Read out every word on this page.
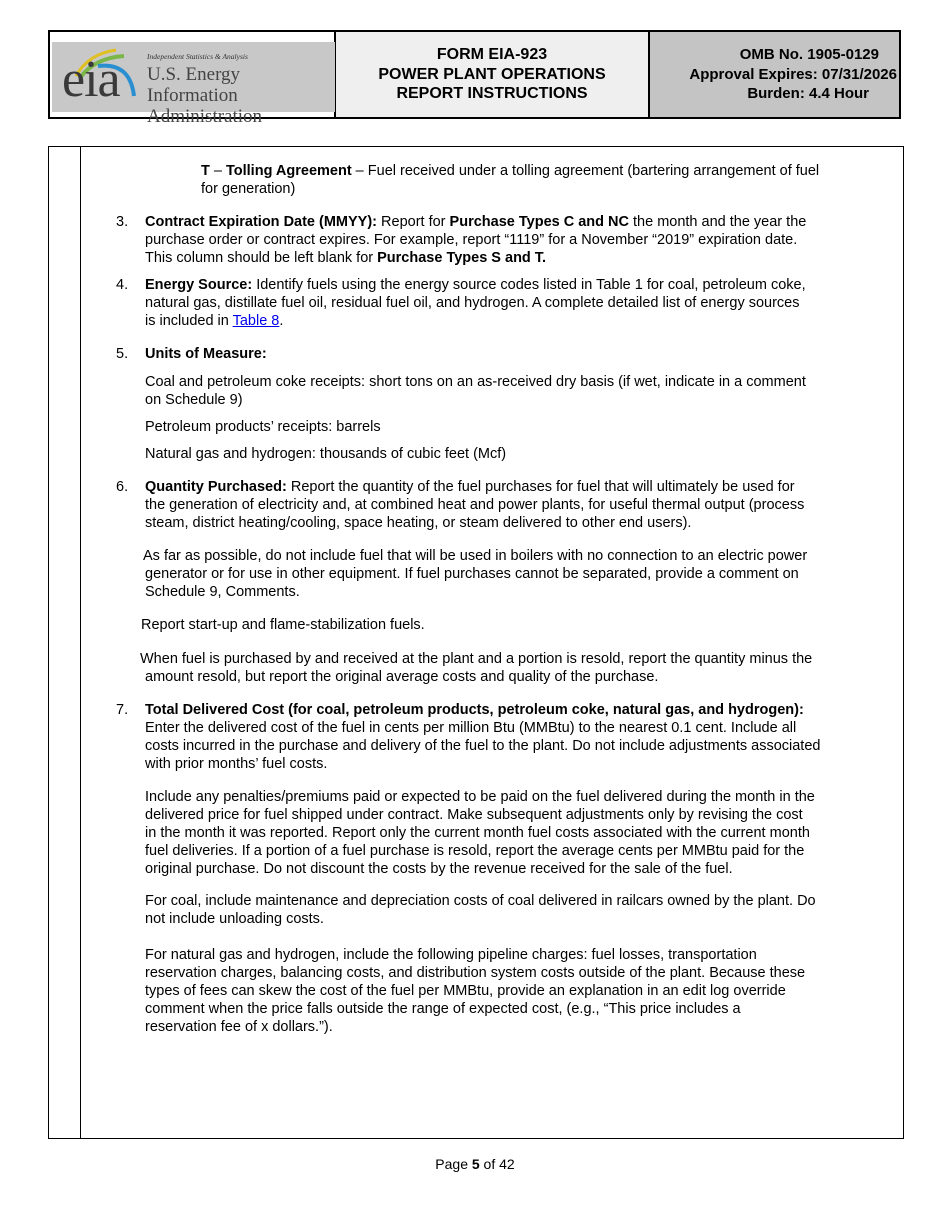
eia	Independent Statistics & Analysis
U.S. Energy Information
Administration
FORM EIA-923
POWER PLANT OPERATIONS
REPORT INSTRUCTIONS
OMB No. 1905-0129
Approval Expires: 07/31/2026
Burden: 4.4 Hour
T – Tolling Agreement – Fuel received under a tolling agreement (bartering arrangement of fuel
for generation)
3. Contract Expiration Date (MMYY): Report for Purchase Types C and NC the month and the year the
purchase order or contract expires. For example, report “1119” for a November “2019” expiration date.
This column should be left blank for Purchase Types S and T.
4. Energy Source: Identify fuels using the energy source codes listed in Table 1 for coal, petroleum coke,
natural gas, distillate fuel oil, residual fuel oil, and hydrogen. A complete detailed list of energy sources
is included in Table 8.
5. Units of Measure:
Coal and petroleum coke receipts: short tons on an as-received dry basis (if wet, indicate in a comment
on Schedule 9)
Petroleum products’ receipts: barrels
Natural gas and hydrogen: thousands of cubic feet (Mcf)
6. Quantity Purchased: Report the quantity of the fuel purchases for fuel that will ultimately be used for
the generation of electricity and, at combined heat and power plants, for useful thermal output (process
steam, district heating/cooling, space heating, or steam delivered to other end users).
As far as possible, do not include fuel that will be used in boilers with no connection to an electric power
generator or for use in other equipment. If fuel purchases cannot be separated, provide a comment on
Schedule 9, Comments.
Report start-up and flame-stabilization fuels.
When fuel is purchased by and received at the plant and a portion is resold, report the quantity minus the
amount resold, but report the original average costs and quality of the purchase.
7. Total Delivered Cost (for coal, petroleum products, petroleum coke, natural gas, and hydrogen):
Enter the delivered cost of the fuel in cents per million Btu (MMBtu) to the nearest 0.1 cent. Include all
costs incurred in the purchase and delivery of the fuel to the plant. Do not include adjustments associated
with prior months’ fuel costs.
Include any penalties/premiums paid or expected to be paid on the fuel delivered during the month in the
delivered price for fuel shipped under contract. Make subsequent adjustments only by revising the cost
in the month it was reported. Report only the current month fuel costs associated with the current month
fuel deliveries. If a portion of a fuel purchase is resold, report the average cents per MMBtu paid for the
original purchase. Do not discount the costs by the revenue received for the sale of the fuel.
For coal, include maintenance and depreciation costs of coal delivered in railcars owned by the plant. Do
not include unloading costs.
For natural gas and hydrogen, include the following pipeline charges: fuel losses, transportation
reservation charges, balancing costs, and distribution system costs outside of the plant. Because these
types of fees can skew the cost of the fuel per MMBtu, provide an explanation in an edit log override
comment when the price falls outside the range of expected cost, (e.g., “This price includes a
reservation fee of x dollars.”).
Page 5 of 42
